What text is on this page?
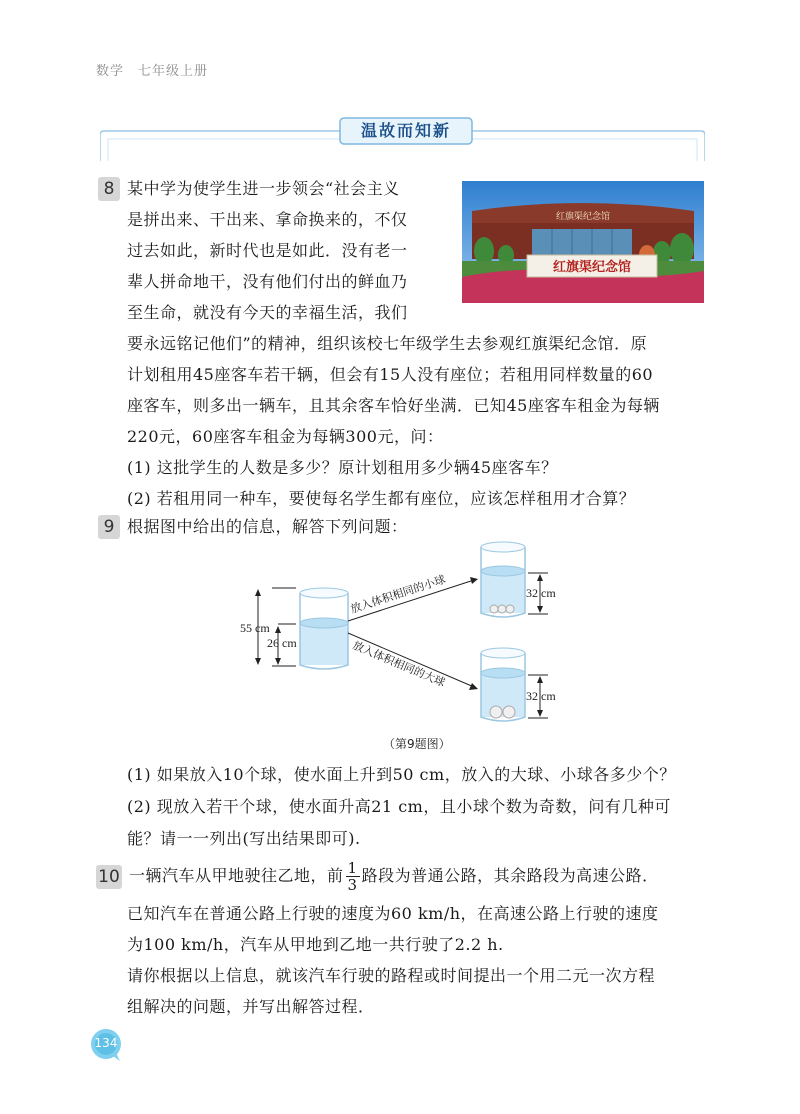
数学 七年级上册
温故而知新
8 某中学为使学生进一步领会“社会主义
是拼出来、干出来、拿命换来的，不仅
过去如此，新时代也是如此．没有老一
辈人拼命地干，没有他们付出的鲜血乃
至生命，就没有今天的幸福生活，我们
要永远铭记他们”的精神，组织该校七年级学生去参观红旗渠纪念馆．原
计划租用45座客车若干辆，但会有15人没有座位；若租用同样数量的60
座客车，则多出一辆车，且其余客车恰好坐满．已知45座客车租金为每辆
220元，60座客车租金为每辆300元，问：
(1) 这批学生的人数是多少？原计划租用多少辆45座客车？
(2) 若租用同一种车，要使每名学生都有座位，应该怎样租用才合算？
红旗渠纪念馆
红旗渠纪念馆
9 根据图中给出的信息，解答下列问题：
55 cm
26 cm
放入体积相同的小球
放入体积相同的大球
32 cm
32 cm
（第9题图）
(1) 如果放入10个球，使水面上升到50 cm，放入的大球、小球各多少个？
(2) 现放入若干个球，使水面升高21 cm，且小球个数为奇数，问有几种可
能？请一一列出(写出结果即可).
10 一辆汽车从甲地驶往乙地，前 $\frac{1}{3}$ 路段为普通公路，其余路段为高速公路．
已知汽车在普通公路上行驶的速度为60 km/h，在高速公路上行驶的速度
为100 km/h，汽车从甲地到乙地一共行驶了2.2 h.
请你根据以上信息，就该汽车行驶的路程或时间提出一个用二元一次方程
组解决的问题，并写出解答过程．
134
